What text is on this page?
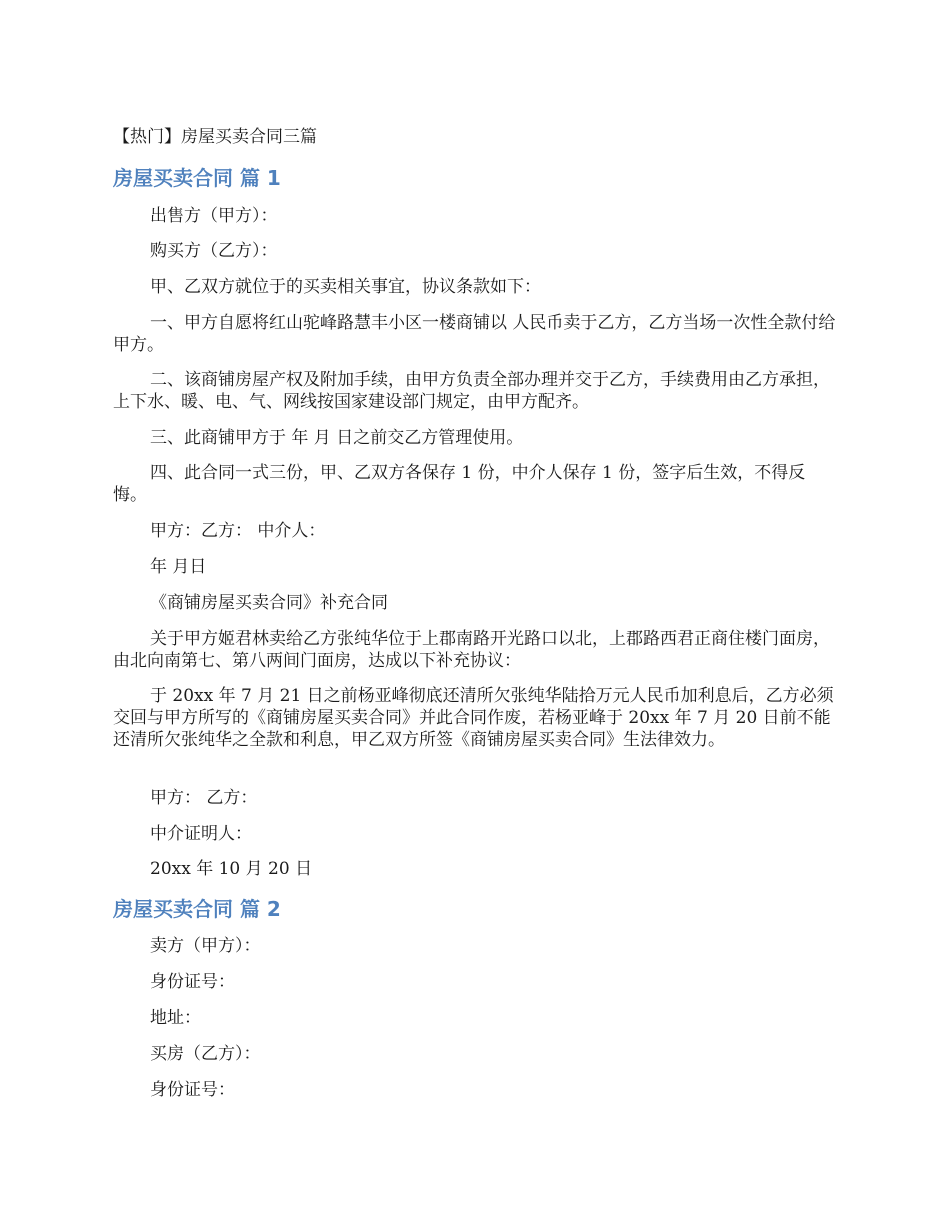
【热门】房屋买卖合同三篇
房屋买卖合同 篇 1
出售方（甲方）：
购买方（乙方）：
甲、乙双方就位于的买卖相关事宜，协议条款如下：
一、甲方自愿将红山驼峰路慧丰小区一楼商铺以 人民币卖于乙方，乙方当场一次性全款付给甲方。
二、该商铺房屋产权及附加手续，由甲方负责全部办理并交于乙方，手续费用由乙方承担，上下水、暖、电、气、网线按国家建设部门规定，由甲方配齐。
三、此商铺甲方于 年 月 日之前交乙方管理使用。
四、此合同一式三份，甲、乙双方各保存 1 份，中介人保存 1 份，签字后生效，不得反悔。
甲方：乙方： 中介人：
年 月日
《商铺房屋买卖合同》补充合同
关于甲方姬君林卖给乙方张纯华位于上郡南路开光路口以北，上郡路西君正商住楼门面房，由北向南第七、第八两间门面房，达成以下补充协议：
于 20xx 年 7 月 21 日之前杨亚峰彻底还清所欠张纯华陆拾万元人民币加利息后，乙方必须交回与甲方所写的《商铺房屋买卖合同》并此合同作废，若杨亚峰于 20xx 年 7 月 20 日前不能还清所欠张纯华之全款和利息，甲乙双方所签《商铺房屋买卖合同》生法律效力。
甲方： 乙方：
中介证明人：
20xx 年 10 月 20 日
房屋买卖合同 篇 2
卖方（甲方）：
身份证号：
地址：
买房（乙方）：
身份证号：
